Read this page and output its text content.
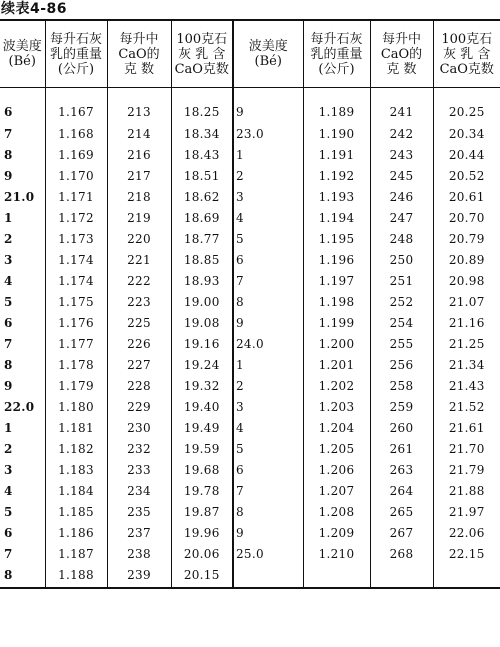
续表4-86
波美度
(Bé)	每升石灰
乳的重量
(公斤)	每升中
CaO的
克 数	100克石
灰 乳 含
CaO克数	波美度
(Bé)	每升石灰
乳的重量
(公斤)	每升中
CaO的
克 数	100克石
灰 乳 含
CaO克数

6	1.167	213	18.25	9	1.189	241	20.25
7	1.168	214	18.34	23.0	1.190	242	20.34
8	1.169	216	18.43	1	1.191	243	20.44
9	1.170	217	18.51	2	1.192	245	20.52
21.0	1.171	218	18.62	3	1.193	246	20.61
1	1.172	219	18.69	4	1.194	247	20.70
2	1.173	220	18.77	5	1.195	248	20.79
3	1.174	221	18.85	6	1.196	250	20.89
4	1.174	222	18.93	7	1.197	251	20.98
5	1.175	223	19.00	8	1.198	252	21.07
6	1.176	225	19.08	9	1.199	254	21.16
7	1.177	226	19.16	24.0	1.200	255	21.25
8	1.178	227	19.24	1	1.201	256	21.34
9	1.179	228	19.32	2	1.202	258	21.43
22.0	1.180	229	19.40	3	1.203	259	21.52
1	1.181	230	19.49	4	1.204	260	21.61
2	1.182	232	19.59	5	1.205	261	21.70
3	1.183	233	19.68	6	1.206	263	21.79
4	1.184	234	19.78	7	1.207	264	21.88
5	1.185	235	19.87	8	1.208	265	21.97
6	1.186	237	19.96	9	1.209	267	22.06
7	1.187	238	20.06	25.0	1.210	268	22.15
8	1.188	239	20.15				
